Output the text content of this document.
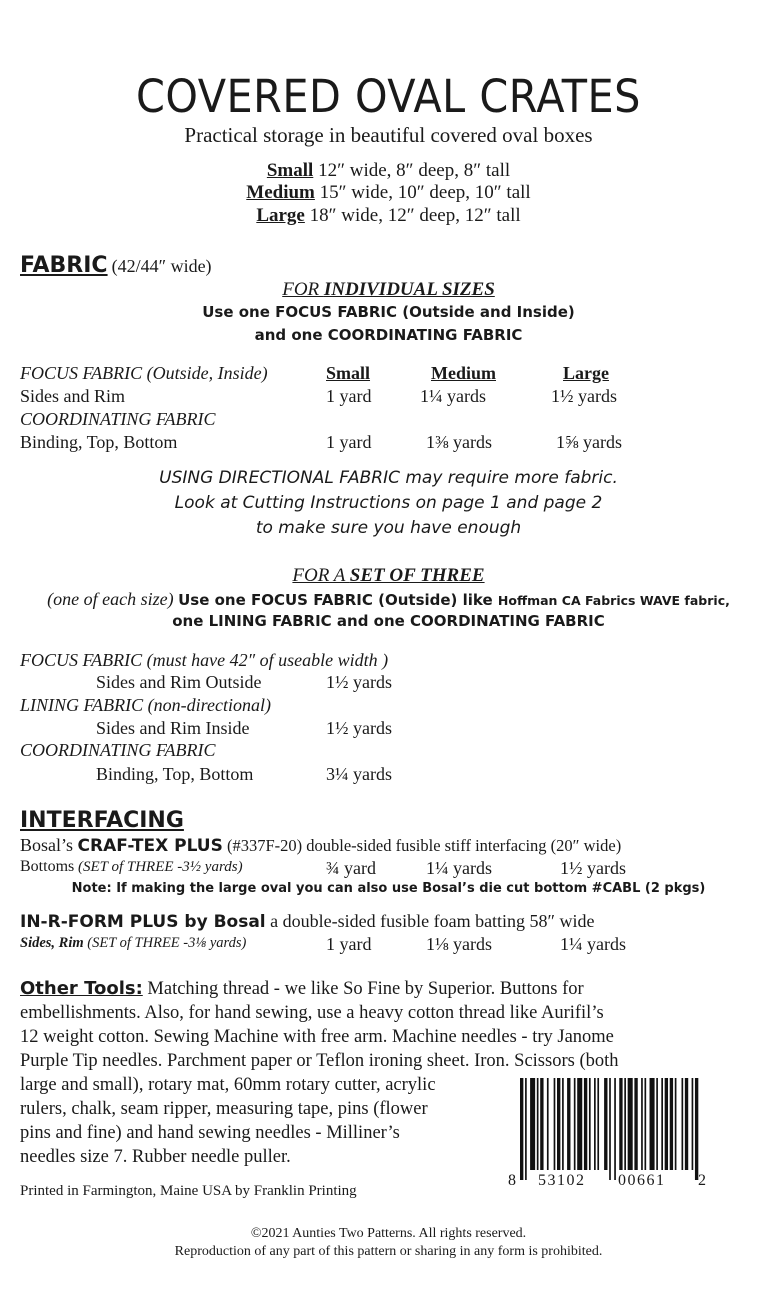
COVERED OVAL CRATES
Practical storage in beautiful covered oval boxes
Small 12″ wide, 8″ deep, 8″ tall
Medium 15″ wide, 10″ deep, 10″ tall
Large 18″ wide, 12″ deep, 12″ tall
FABRIC (42/44″ wide)
FOR INDIVIDUAL SIZES
Use one FOCUS FABRIC (Outside and Inside)
and one COORDINATING FABRIC
FOCUS FABRIC (Outside, Inside)	Small	Medium	Large
Sides and Rim	1 yard	1¼ yards	1½ yards
COORDINATING FABRIC
Binding, Top, Bottom	1 yard	1⅜ yards	1⅝ yards
USING DIRECTIONAL FABRIC may require more fabric.
Look at Cutting Instructions on page 1 and page 2
to make sure you have enough
FOR A SET OF THREE
(one of each size) Use one FOCUS FABRIC (Outside) like Hoffman CA Fabrics WAVE fabric,
one LINING FABRIC and one COORDINATING FABRIC
FOCUS FABRIC (must have 42″ of useable width )
Sides and Rim Outside	1½ yards
LINING FABRIC (non-directional)
Sides and Rim Inside	1½ yards
COORDINATING FABRIC
Binding, Top, Bottom	3¼ yards
INTERFACING
Bosal’s CRAF-TEX PLUS (#337F-20) double-sided fusible stiff interfacing (20″ wide)
Bottoms (SET of THREE -3½ yards)	¾ yard	1¼ yards	1½ yards
Note: If making the large oval you can also use Bosal’s die cut bottom #CABL (2 pkgs)
IN-R-FORM PLUS by Bosal a double-sided fusible foam batting 58″ wide
Sides, Rim (SET of THREE -3⅛ yards)	1 yard	1⅛ yards	1¼ yards
Other Tools: Matching thread - we like So Fine by Superior. Buttons for
embellishments. Also, for hand sewing, use a heavy cotton thread like Aurifil’s
12 weight cotton. Sewing Machine with free arm. Machine needles - try Janome
Purple Tip needles. Parchment paper or Teflon ironing sheet. Iron. Scissors (both
large and small), rotary mat, 60mm rotary cutter, acrylic
rulers, chalk, seam ripper, measuring tape, pins (flower
pins and fine) and hand sewing needles - Milliner’s
needles size 7. Rubber needle puller.
Printed in Farmington, Maine USA by Franklin Printing
8 53102 00661 2
©2021 Aunties Two Patterns. All rights reserved.
Reproduction of any part of this pattern or sharing in any form is prohibited.
